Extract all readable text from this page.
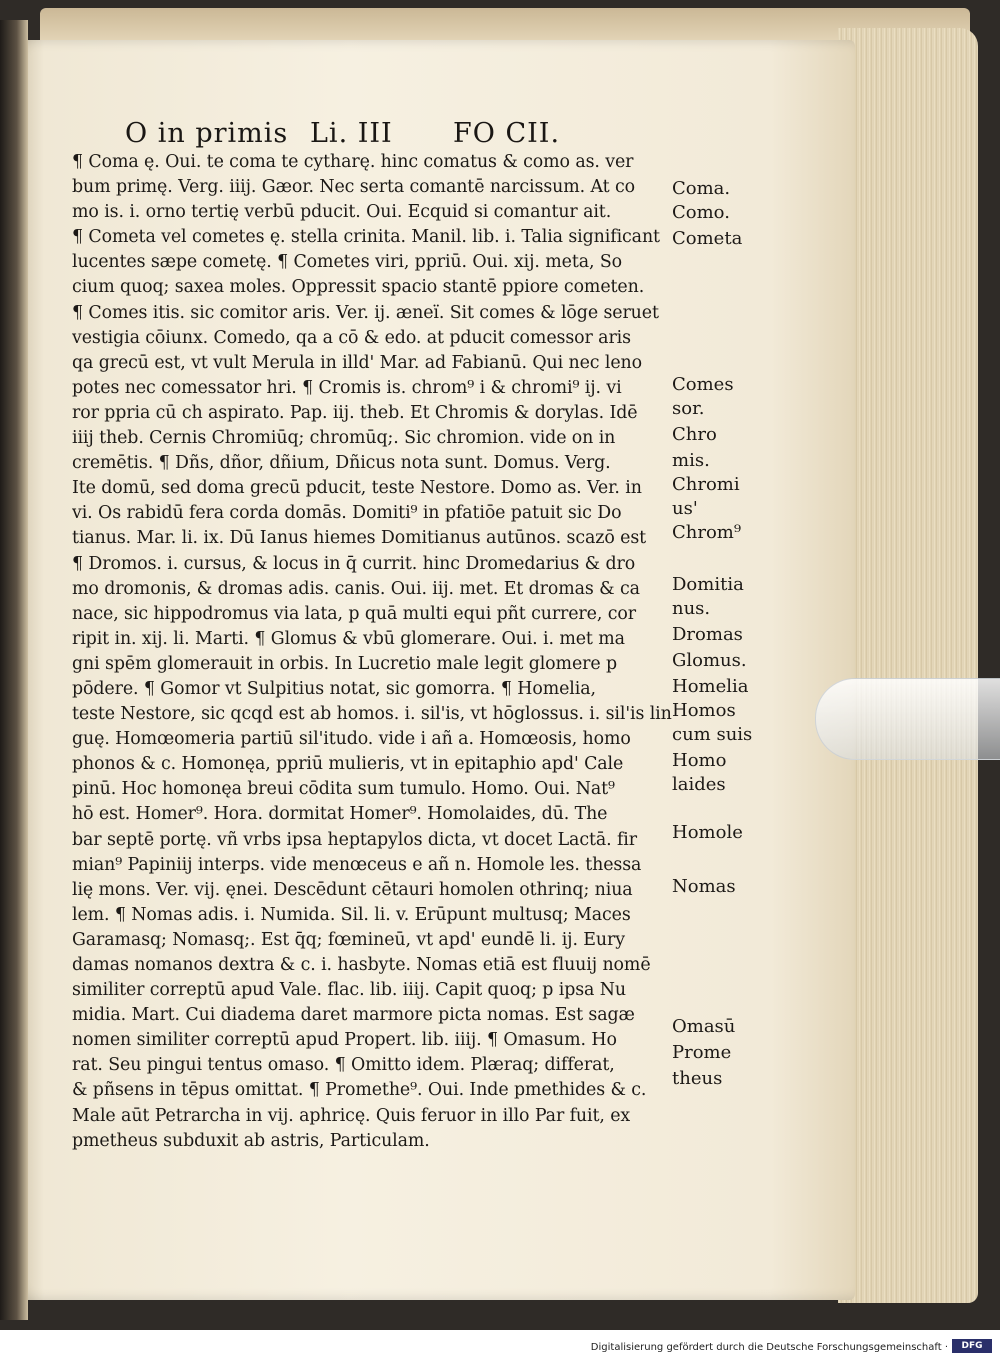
O in primis Li. III FO CII.
¶ Coma ę. Oui. te coma te cytharę. hinc comatus & como as. ver
bum primę. Verg. iiij. Gæor. Nec serta comantē narcissum. At co
mo is. i. orno tertię verbū pducit. Oui. Ecquid si comantur ait.
¶ Cometa vel cometes ę. stella crinita. Manil. lib. i. Talia significant
lucentes sæpe cometę. ¶ Cometes viri, ppriū. Oui. xij. meta, So
cium quoq; saxea moles. Oppressit spacio stantē ppiore cometen.
¶ Comes itis. sic comitor aris. Ver. ij. æneï. Sit comes & lōge seruet
vestigia cōiunx. Comedo, qa a cō & edo. at pducit comessor aris
qa grecū est, vt vult Merula in illd' Mar. ad Fabianū. Qui nec leno
potes nec comessator hri. ¶ Cromis is. chrom⁹ i & chromi⁹ ij. vi
ror ppria cū ch aspirato. Pap. iij. theb. Et Chromis & dorylas. Idē
iiij theb. Cernis Chromiūq; chromūq;. Sic chromion. vide on in
cremētis. ¶ Dñs, dñor, dñium, Dñicus nota sunt. Domus. Verg.
Ite domū, sed doma grecū pducit, teste Nestore. Domo as. Ver. in
vi. Os rabidū fera corda domās. Domiti⁹ in pfatiōe patuit sic Do
tianus. Mar. li. ix. Dū Ianus hiemes Domitianus autūnos. scazō est
¶ Dromos. i. cursus, & locus in q̄ currit. hinc Dromedarius & dro
mo dromonis, & dromas adis. canis. Oui. iij. met. Et dromas & ca
nace, sic hippodromus via lata, p quā multi equi pñt currere, cor
ripit in. xij. li. Marti. ¶ Glomus & vbū glomerare. Oui. i. met ma
gni spēm glomerauit in orbis. In Lucretio male legit glomere p
pōdere. ¶ Gomor vt Sulpitius notat, sic gomorra. ¶ Homelia,
teste Nestore, sic qcqd est ab homos. i. sil'is, vt hōglossus. i. sil'is lin
guę. Homœomeria partiū sil'itudo. vide i añ a. Homœosis, homo
phonos & c. Homonęa, ppriū mulieris, vt in epitaphio apd' Cale
pinū. Hoc homonęa breui cōdita sum tumulo. Homo. Oui. Nat⁹
hō est. Homer⁹. Hora. dormitat Homer⁹. Homolaides, dū. The
bar septē portę. vñ vrbs ipsa heptapylos dicta, vt docet Lactā. fir
mian⁹ Papiniij interps. vide menœceus e añ n. Homole les. thessa
lię mons. Ver. vij. ęnei. Descēdunt cētauri homolen othrinq; niua
lem. ¶ Nomas adis. i. Numida. Sil. li. v. Erūpunt multusq; Maces
Garamasq; Nomasq;. Est q̄q; fœmineū, vt apd' eundē li. ij. Eury
damas nomanos dextra & c. i. hasbyte. Nomas etiā est fluuij nomē
similiter correptū apud Vale. flac. lib. iiij. Capit quoq; p ipsa Nu
midia. Mart. Cui diadema daret marmore picta nomas. Est sagæ
nomen similiter correptū apud Propert. lib. iiij. ¶ Omasum. Ho
rat. Seu pingui tentus omaso. ¶ Omitto idem. Plæraq; differat,
& pñsens in tēpus omittat. ¶ Promethe⁹. Oui. Inde pmethides & c.
Male aūt Petrarcha in vij. aphricę. Quis feruor in illo Par fuit, ex
pmetheus subduxit ab astris, Particulam.
Coma.
Como.
Cometa
Comes
sor.
Chro
mis.
Chromi
us'
Chrom⁹
Domitia
nus.
Dromas
Glomus.
Homelia
Homos
cum suis
Homo
laides
Homole
Nomas
Omasū
Prome
theus
Digitalisierung gefördert durch die Deutsche Forschungsgemeinschaft ·	DFG
